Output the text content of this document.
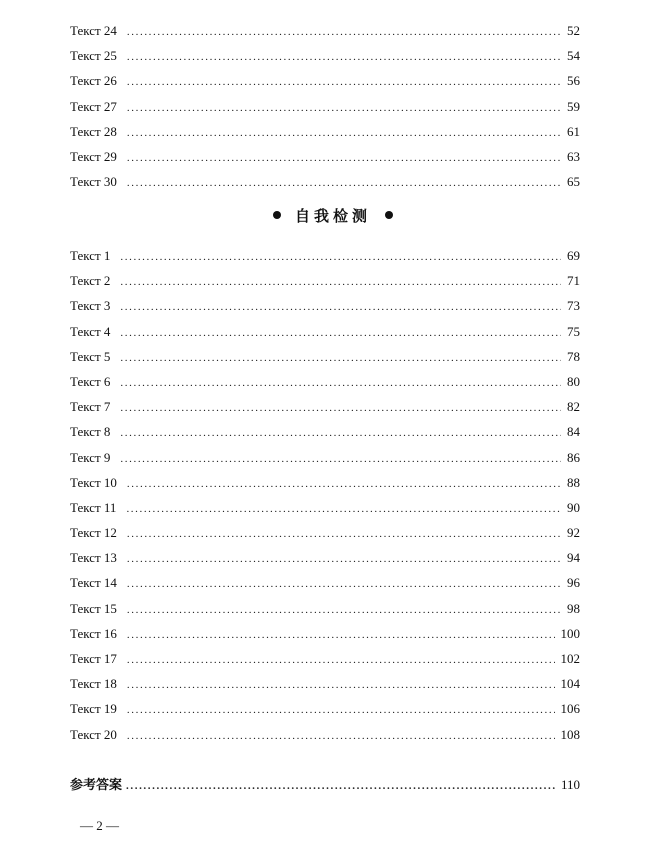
Текст 24 .....	52
Текст 25 .....	54
Текст 26 .....	56
Текст 27 .....	59
Текст 28 .....	61
Текст 29 .....	63
Текст 30 .....	65
自我检测
Текст 1 .....	69
Текст 2 .....	71
Текст 3 .....	73
Текст 4 .....	75
Текст 5 .....	78
Текст 6 .....	80
Текст 7 .....	82
Текст 8 .....	84
Текст 9 .....	86
Текст 10 .....	88
Текст 11 .....	90
Текст 12 .....	92
Текст 13 .....	94
Текст 14 .....	96
Текст 15 .....	98
Текст 16 .....	100
Текст 17 .....	102
Текст 18 .....	104
Текст 19 .....	106
Текст 20 .....	108
参考答案 .....	110
— 2 —
